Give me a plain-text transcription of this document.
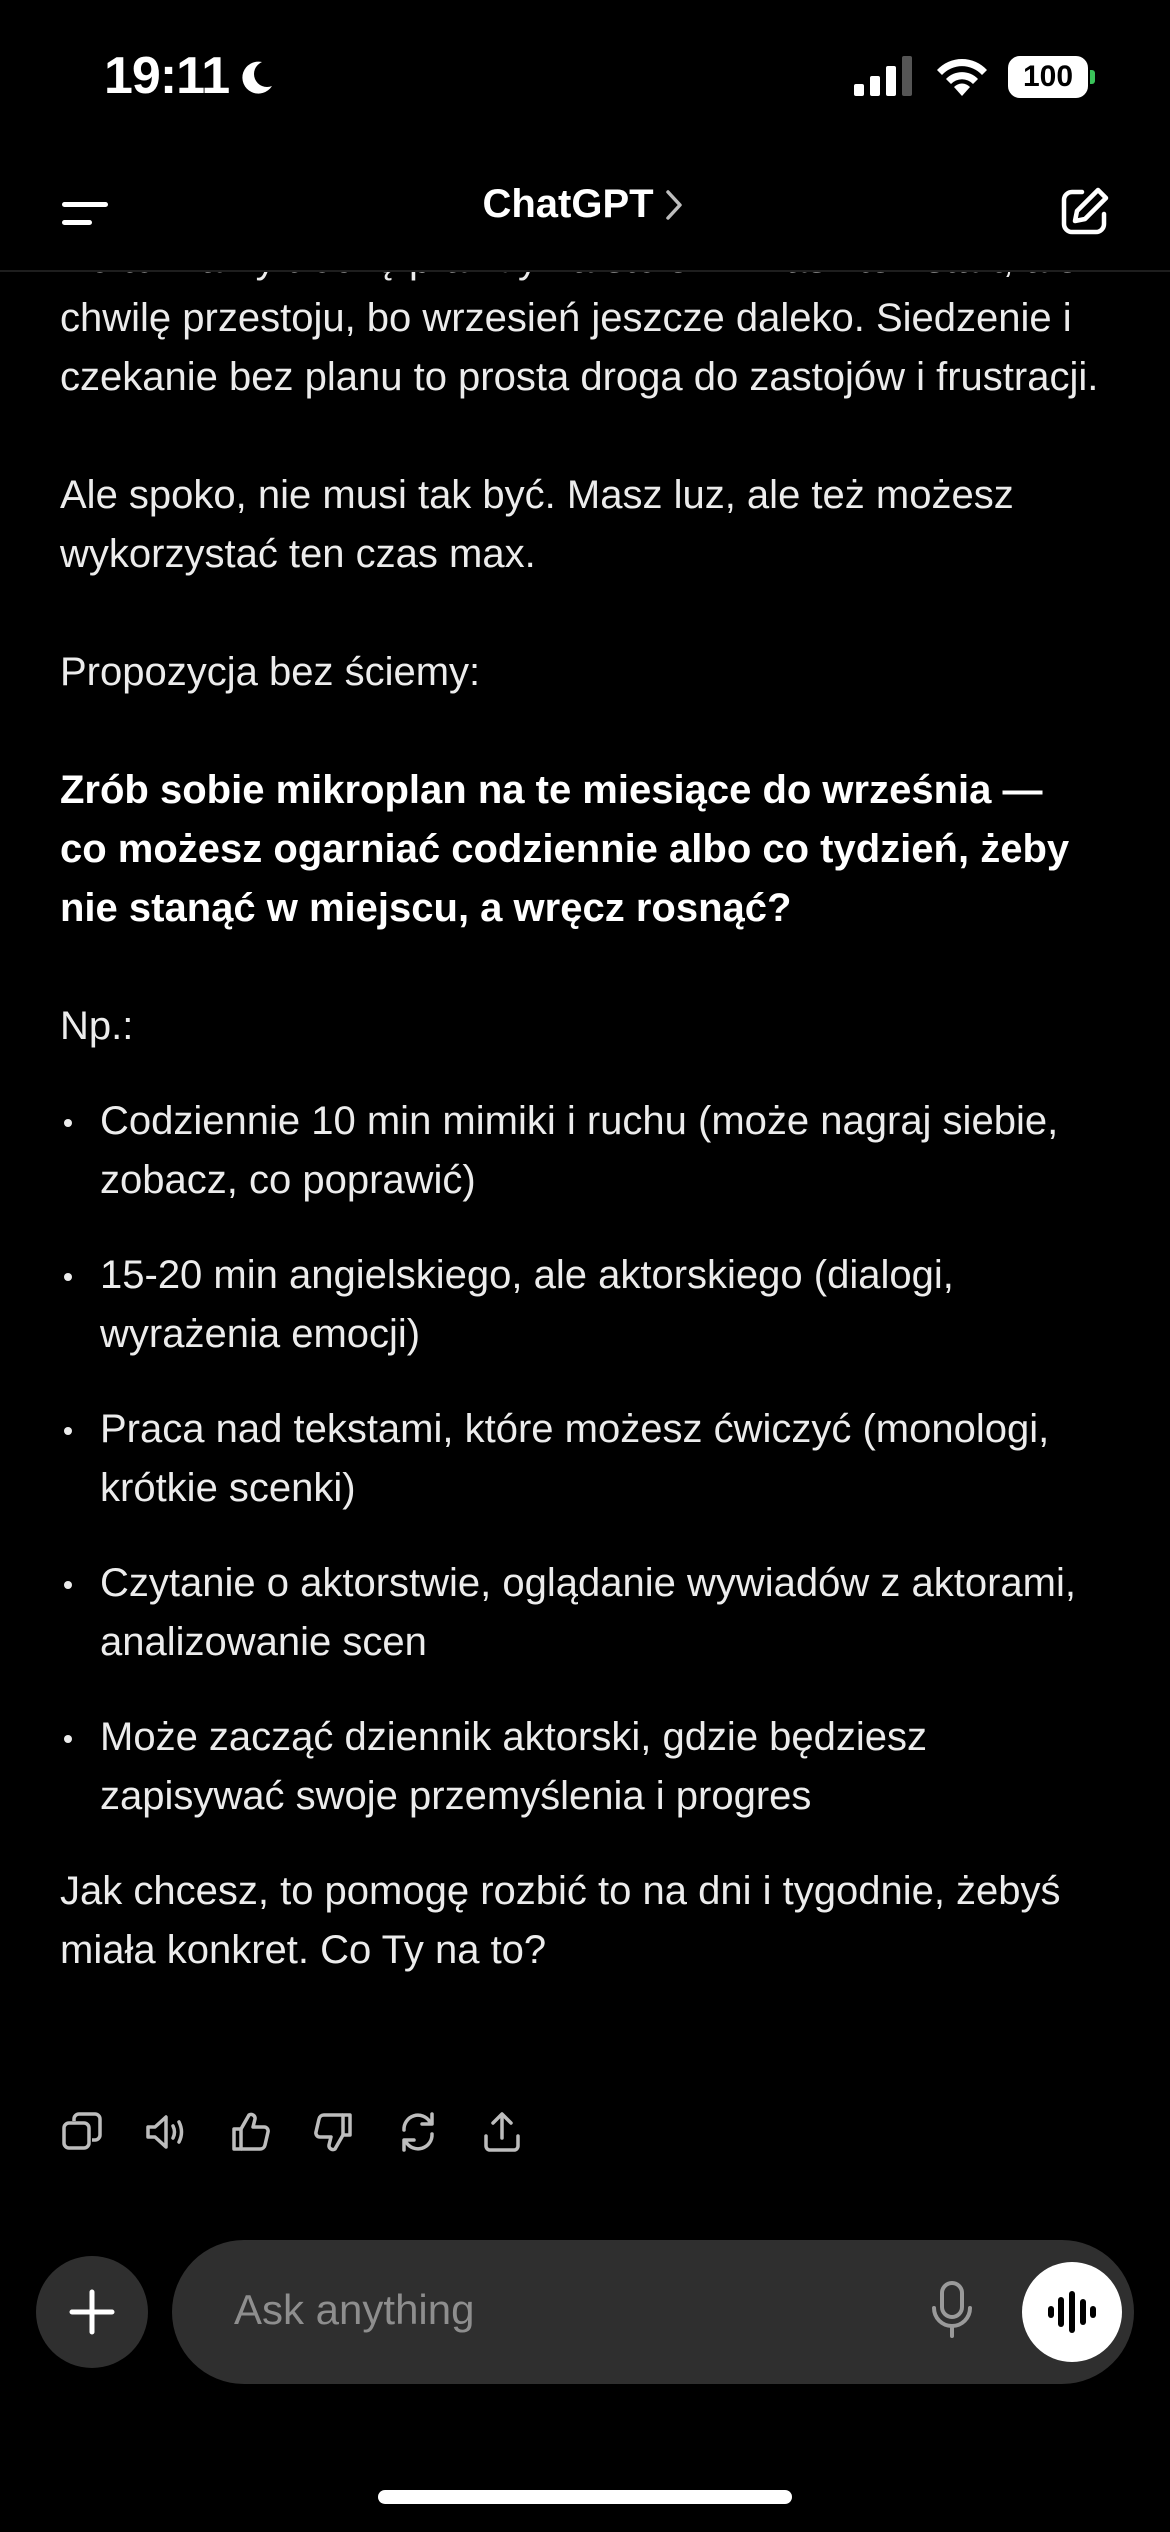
19:11	100
ChatGPT

chwilę przestoju, bo wrzesień jeszcze daleko. Siedzenie i czekanie bez planu to prosta droga do zastojów i frustracji.

Ale spoko, nie musi tak być. Masz luz, ale też możesz wykorzystać ten czas max.

Propozycja bez ściemy:

Zrób sobie mikroplan na te miesiące do września — co możesz ogarniać codziennie albo co tydzień, żeby nie stanąć w miejscu, a wręcz rosnąć?

Np.:

Codziennie 10 min mimiki i ruchu (może nagraj siebie, zobacz, co poprawić)
15-20 min angielskiego, ale aktorskiego (dialogi, wyrażenia emocji)
Praca nad tekstami, które możesz ćwiczyć (monologi, krótkie scenki)
Czytanie o aktorstwie, oglądanie wywiadów z aktorami, analizowanie scen
Może zacząć dziennik aktorski, gdzie będziesz zapisywać swoje przemyślenia i progres

Jak chcesz, to pomogę rozbić to na dni i tygodnie, żebyś miała konkret. Co Ty na to?

Ask anything
